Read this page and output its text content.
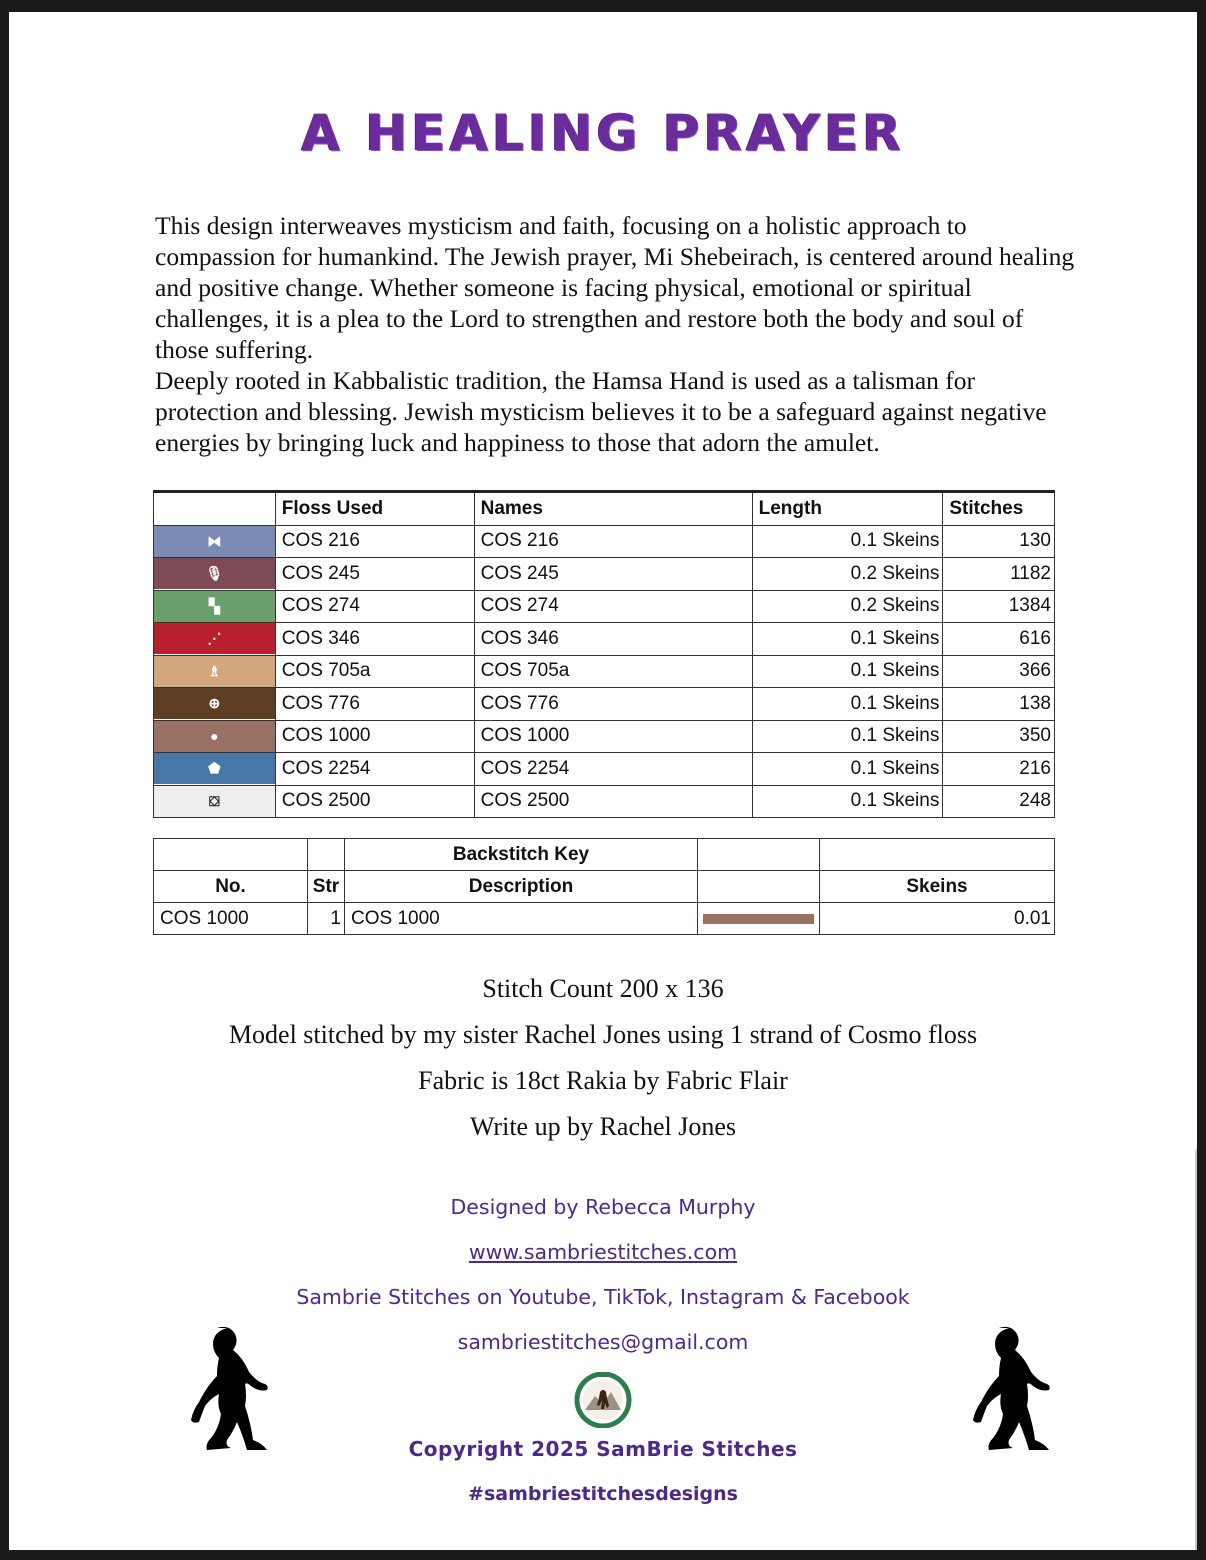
A HEALING PRAYER

This design interweaves mysticism and faith, focusing on a holistic approach to compassion for humankind. The Jewish prayer, Mi Shebeirach, is centered around healing and positive change. Whether someone is facing physical, emotional or spiritual challenges, it is a plea to the Lord to strengthen and restore both the body and soul of those suffering.

Deeply rooted in Kabbalistic tradition, the Hamsa Hand is used as a talisman for protection and blessing. Jewish mysticism believes it to be a safeguard against negative energies by bringing luck and happiness to those that adorn the amulet.

	Floss Used	Names	Length	Stitches

⧓	COS 216	COS 216	0.1 Skeins	130

🎙	COS 245	COS 245	0.2 Skeins	1182

▚	COS 274	COS 274	0.2 Skeins	1384

⋰	COS 346	COS 346	0.1 Skeins	616

♗	COS 705a	COS 705a	0.1 Skeins	366

⊕	COS 776	COS 776	0.1 Skeins	138

●	COS 1000	COS 1000	0.1 Skeins	350

⬟	COS 2254	COS 2254	0.1 Skeins	216

⛋	COS 2500	COS 2500	0.1 Skeins	248
		Backstitch Key		
No.	Str	Description		Skeins
COS 1000	1	COS 1000		0.01
Stitch Count 200 x 136
Model stitched by my sister Rachel Jones using 1 strand of Cosmo floss
Fabric is 18ct Rakia by Fabric Flair
Write up by Rachel Jones
Designed by Rebecca Murphy
www.sambriestitches.com
Sambrie Stitches on Youtube, TikTok, Instagram & Facebook
sambriestitches@gmail.com
Copyright 2025 SamBrie Stitches
#sambriestitchesdesigns
